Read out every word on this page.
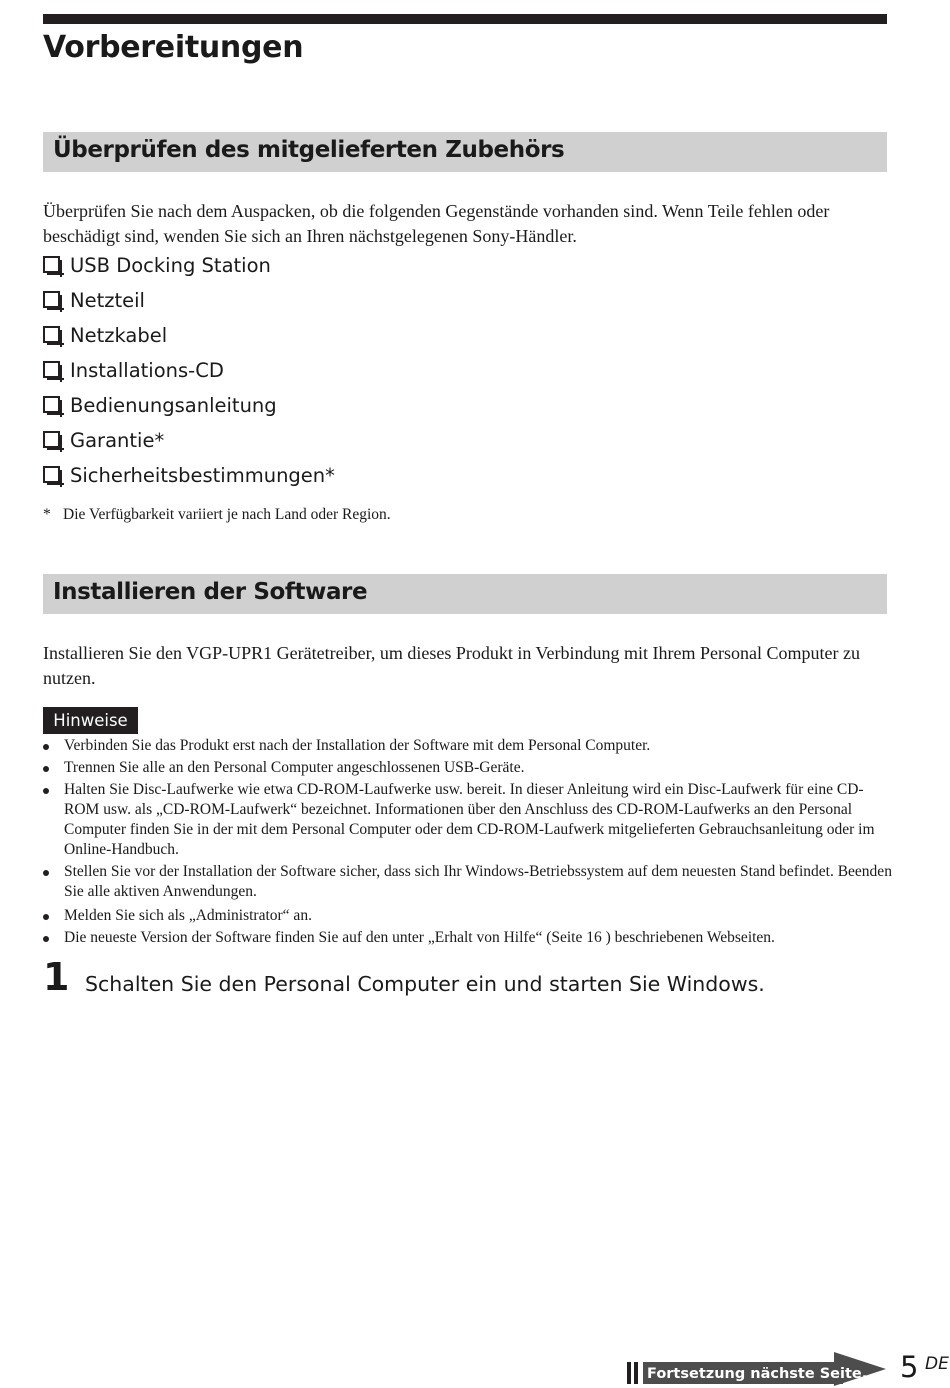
Vorbereitungen
Überprüfen des mitgelieferten Zubehörs
Überprüfen Sie nach dem Auspacken, ob die folgenden Gegenstände vorhanden sind. Wenn Teile fehlen oder beschädigt sind, wenden Sie sich an Ihren nächstgelegenen Sony-Händler.
USB Docking Station
Netzteil
Netzkabel
Installations-CD
Bedienungsanleitung
Garantie*
Sicherheitsbestimmungen*
* Die Verfügbarkeit variiert je nach Land oder Region.
Installieren der Software
Installieren Sie den VGP-UPR1 Gerätetreiber, um dieses Produkt in Verbindung mit Ihrem Personal Computer zu nutzen.
Hinweise
Verbinden Sie das Produkt erst nach der Installation der Software mit dem Personal Computer.
Trennen Sie alle an den Personal Computer angeschlossenen USB-Geräte.
Halten Sie Disc-Laufwerke wie etwa CD-ROM-Laufwerke usw. bereit. In dieser Anleitung wird ein Disc-Laufwerk für eine CD-ROM usw. als „CD-ROM-Laufwerk“ bezeichnet. Informationen über den Anschluss des CD-ROM-Laufwerks an den Personal Computer finden Sie in der mit dem Personal Computer oder dem CD-ROM-Laufwerk mitgelieferten Gebrauchsanleitung oder im Online-Handbuch.
Stellen Sie vor der Installation der Software sicher, dass sich Ihr Windows-Betriebssystem auf dem neuesten Stand befindet. Beenden Sie alle aktiven Anwendungen.
Melden Sie sich als „Administrator“ an.
Die neueste Version der Software finden Sie auf den unter „Erhalt von Hilfe“ (Seite 16 ) beschriebenen Webseiten.
1 Schalten Sie den Personal Computer ein und starten Sie Windows.
Fortsetzung nächste Seite... 5 DE
